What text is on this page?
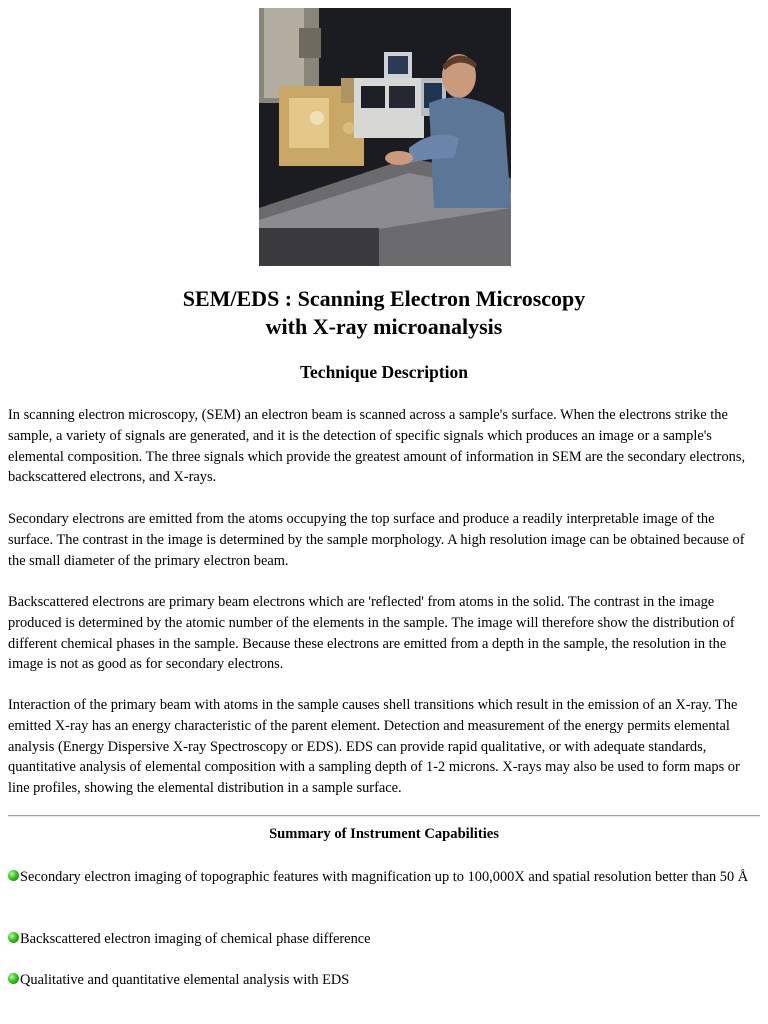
SEM/EDS : Scanning Electron Microscopy
with X-ray microanalysis
Technique Description

In scanning electron microscopy, (SEM) an electron beam is scanned across a sample's surface. When the electrons strike the sample, a variety of signals are generated, and it is the detection of specific signals which produces an image or a sample's elemental composition. The three signals which provide the greatest amount of information in SEM are the secondary electrons, backscattered electrons, and X-rays.

Secondary electrons are emitted from the atoms occupying the top surface and produce a readily interpretable image of the surface. The contrast in the image is determined by the sample morphology. A high resolution image can be obtained because of the small diameter of the primary electron beam.

Backscattered electrons are primary beam electrons which are 'reflected' from atoms in the solid. The contrast in the image produced is determined by the atomic number of the elements in the sample. The image will therefore show the distribution of different chemical phases in the sample. Because these electrons are emitted from a depth in the sample, the resolution in the image is not as good as for secondary electrons.

Interaction of the primary beam with atoms in the sample causes shell transitions which result in the emission of an X-ray. The emitted X-ray has an energy characteristic of the parent element. Detection and measurement of the energy permits elemental analysis (Energy Dispersive X-ray Spectroscopy or EDS). EDS can provide rapid qualitative, or with adequate standards, quantitative analysis of elemental composition with a sampling depth of 1-2 microns. X-rays may also be used to form maps or line profiles, showing the elemental distribution in a sample surface.

Summary of Instrument Capabilities
Secondary electron imaging of topographic features with magnification up to 100,000X and spatial resolution better than 50 Å
Backscattered electron imaging of chemical phase difference
Qualitative and quantitative elemental analysis with EDS
